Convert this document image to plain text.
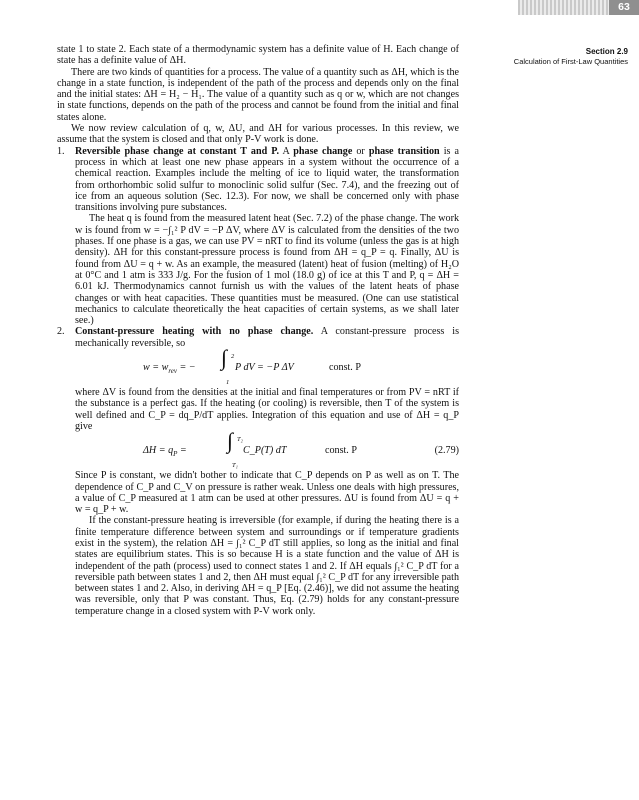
63
Section 2.9
Calculation of First-Law Quantities

state 1 to state 2. Each state of a thermodynamic system has a definite value of H. Each change of state has a definite value of ΔH.

There are two kinds of quantities for a process. The value of a quantity such as ΔH, which is the change in a state function, is independent of the path of the process and depends only on the final and the initial states: ΔH = H₂ − H₁. The value of a quantity such as q or w, which are not changes in state functions, depends on the path of the process and cannot be found from the initial and final states alone.

We now review calculation of q, w, ΔU, and ΔH for various processes. In this review, we assume that the system is closed and that only P-V work is done.

1. Reversible phase change at constant T and P. A phase change or phase transition is a process in which at least one new phase appears in a system without the occurrence of a chemical reaction. Examples include the melting of ice to liquid water, the transformation from orthorhombic solid sulfur to monoclinic solid sulfur (Sec. 7.4), and the freezing out of ice from an aqueous solution (Sec. 12.3). For now, we shall be concerned only with phase transitions involving pure substances.

The heat q is found from the measured latent heat (Sec. 7.2) of the phase change. The work w is found from w = −∫₁² P dV = −P ΔV, where ΔV is calculated from the densities of the two phases. If one phase is a gas, we can use PV = nRT to find its volume (unless the gas is at high density). ΔH for this constant-pressure process is found from ΔH = q_P = q. Finally, ΔU is found from ΔU = q + w. As an example, the measured (latent) heat of fusion (melting) of H₂O at 0°C and 1 atm is 333 J/g. For the fusion of 1 mol (18.0 g) of ice at this T and P, q = ΔH = 6.01 kJ. Thermodynamics cannot furnish us with the values of the latent heats of phase changes or with heat capacities. These quantities must be measured. (One can use statistical mechanics to calculate theoretically the heat capacities of certain systems, as we shall later see.)

2. Constant-pressure heating with no phase change. A constant-pressure process is mechanically reversible, so

$w = w_{rev}$ = − ∫ 2
1
P dV = −P ΔV	const. P

where ΔV is found from the densities at the initial and final temperatures or from PV = nRT if the substance is a perfect gas. If the heating (or cooling) is reversible, then T of the system is well defined and C_P = dq_P/dT applies. Integration of this equation and use of ΔH = q_P give

$\Delta H = q_P$ = ∫ T₂
T₁
C_P(T) dT	const. P	(2.79)

Since P is constant, we didn't bother to indicate that C_P depends on P as well as on T. The dependence of C_P and C_V on pressure is rather weak. Unless one deals with high pressures, a value of C_P measured at 1 atm can be used at other pressures. ΔU is found from ΔU = q + w = q_P + w.

If the constant-pressure heating is irreversible (for example, if during the heating there is a finite temperature difference between system and surroundings or if temperature gradients exist in the system), the relation ΔH = ∫₁² C_P dT still applies, so long as the initial and final states are equilibrium states. This is so because H is a state function and the value of ΔH is independent of the path (process) used to connect states 1 and 2. If ΔH equals ∫₁² C_P dT for a reversible path between states 1 and 2, then ΔH must equal ∫₁² C_P dT for any irreversible path between states 1 and 2. Also, in deriving ΔH = q_P [Eq. (2.46)], we did not assume the heating was reversible, only that P was constant. Thus, Eq. (2.79) holds for any constant-pressure temperature change in a closed system with P-V work only.
